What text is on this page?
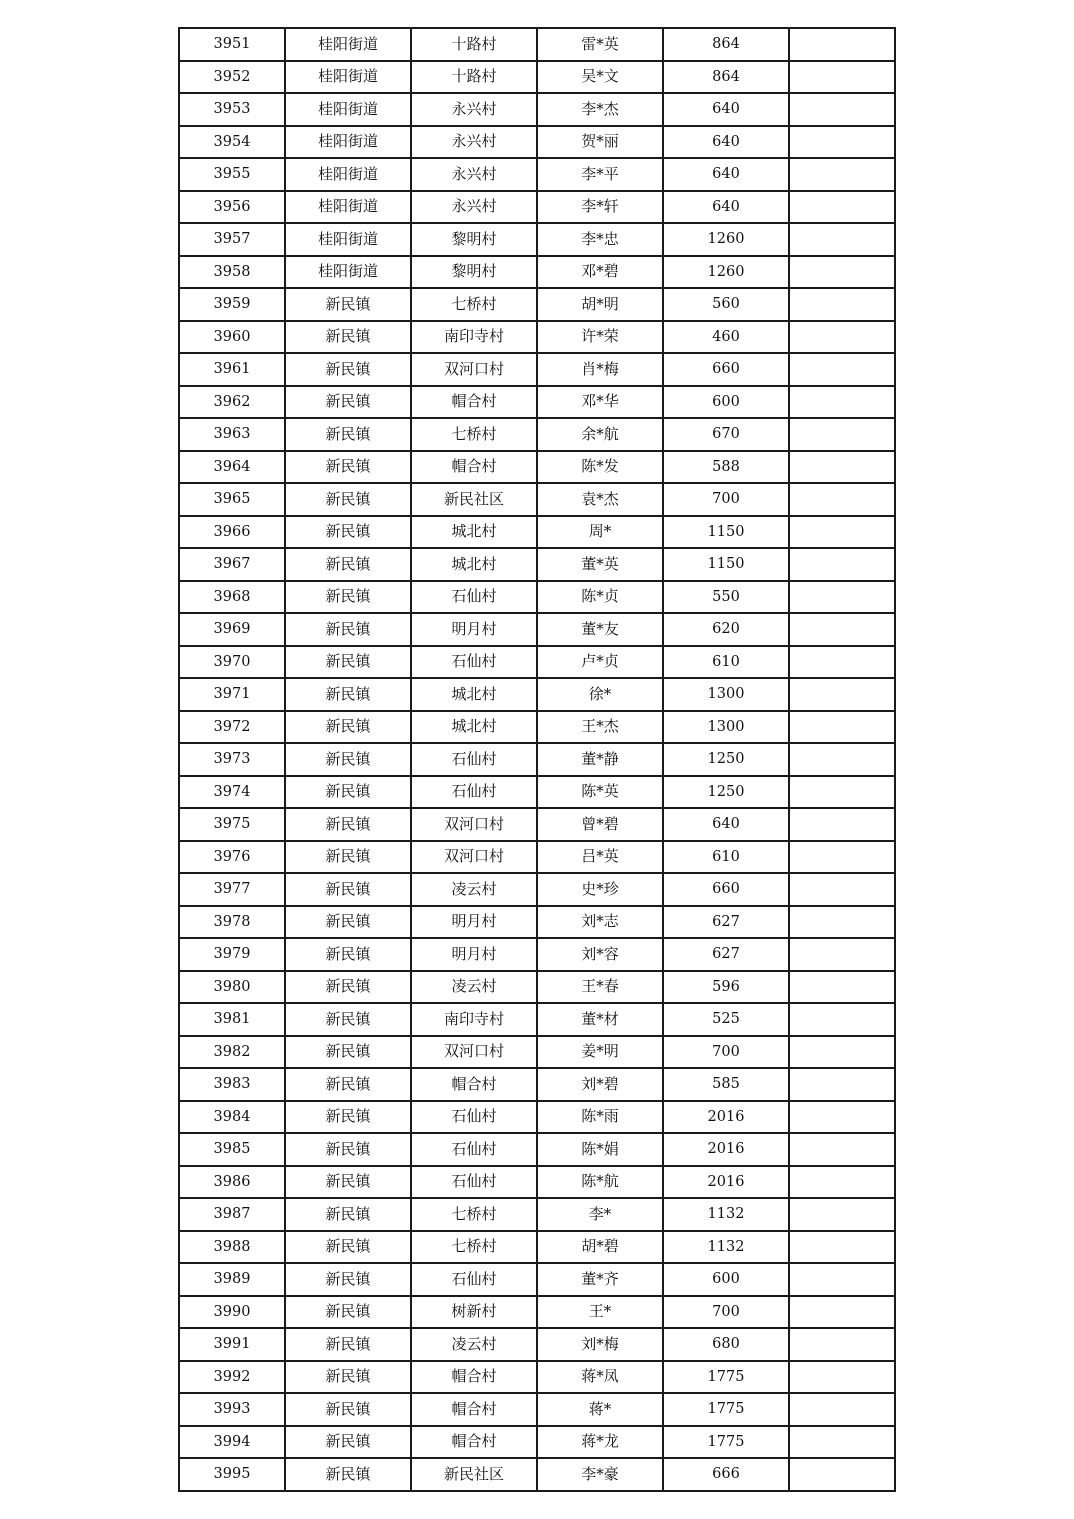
3951	桂阳街道	十路村	雷*英	864	
3952	桂阳街道	十路村	吴*文	864	
3953	桂阳街道	永兴村	李*杰	640	
3954	桂阳街道	永兴村	贺*丽	640	
3955	桂阳街道	永兴村	李*平	640	
3956	桂阳街道	永兴村	李*轩	640	
3957	桂阳街道	黎明村	李*忠	1260	
3958	桂阳街道	黎明村	邓*碧	1260	
3959	新民镇	七桥村	胡*明	560	
3960	新民镇	南印寺村	许*荣	460	
3961	新民镇	双河口村	肖*梅	660	
3962	新民镇	帽合村	邓*华	600	
3963	新民镇	七桥村	余*航	670	
3964	新民镇	帽合村	陈*发	588	
3965	新民镇	新民社区	袁*杰	700	
3966	新民镇	城北村	周*	1150	
3967	新民镇	城北村	董*英	1150	
3968	新民镇	石仙村	陈*贞	550	
3969	新民镇	明月村	董*友	620	
3970	新民镇	石仙村	卢*贞	610	
3971	新民镇	城北村	徐*	1300	
3972	新民镇	城北村	王*杰	1300	
3973	新民镇	石仙村	董*静	1250	
3974	新民镇	石仙村	陈*英	1250	
3975	新民镇	双河口村	曾*碧	640	
3976	新民镇	双河口村	吕*英	610	
3977	新民镇	凌云村	史*珍	660	
3978	新民镇	明月村	刘*志	627	
3979	新民镇	明月村	刘*容	627	
3980	新民镇	凌云村	王*春	596	
3981	新民镇	南印寺村	董*材	525	
3982	新民镇	双河口村	姜*明	700	
3983	新民镇	帽合村	刘*碧	585	
3984	新民镇	石仙村	陈*雨	2016	
3985	新民镇	石仙村	陈*娟	2016	
3986	新民镇	石仙村	陈*航	2016	
3987	新民镇	七桥村	李*	1132	
3988	新民镇	七桥村	胡*碧	1132	
3989	新民镇	石仙村	董*齐	600	
3990	新民镇	树新村	王*	700	
3991	新民镇	凌云村	刘*梅	680	
3992	新民镇	帽合村	蒋*凤	1775	
3993	新民镇	帽合村	蒋*	1775	
3994	新民镇	帽合村	蒋*龙	1775	
3995	新民镇	新民社区	李*豪	666	
